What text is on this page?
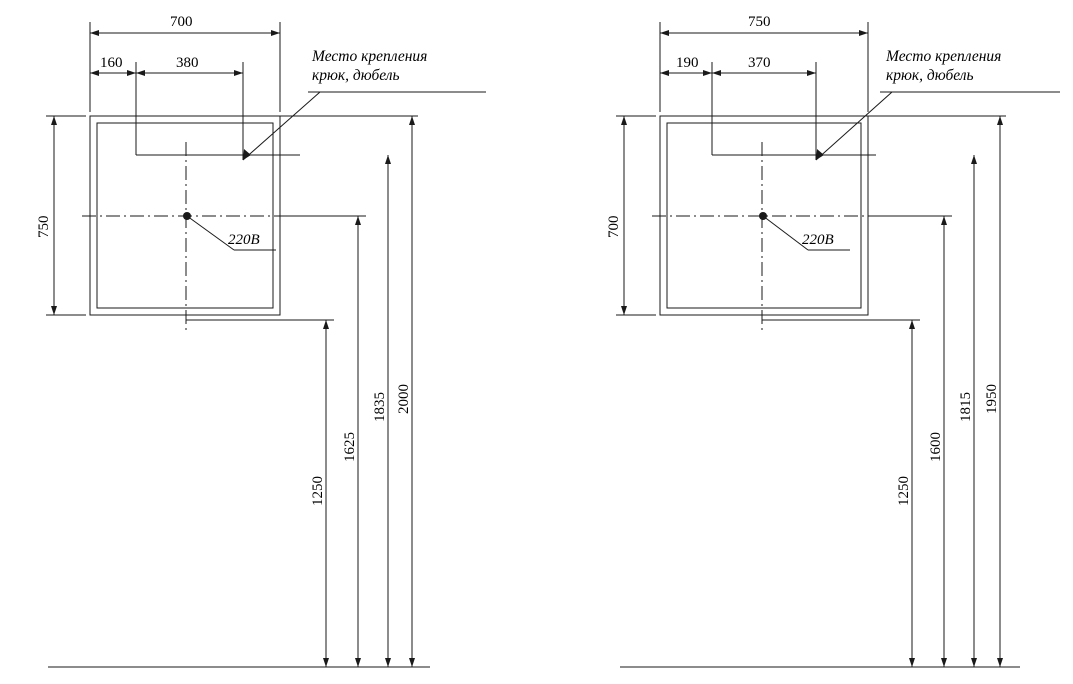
700
160	380
750
1250
1625
1835 2000
220В
Место крепления
крюк, дюбель
750
190	370
700
1250
1600
1815 1950
220В
Место крепления
крюк, дюбель
